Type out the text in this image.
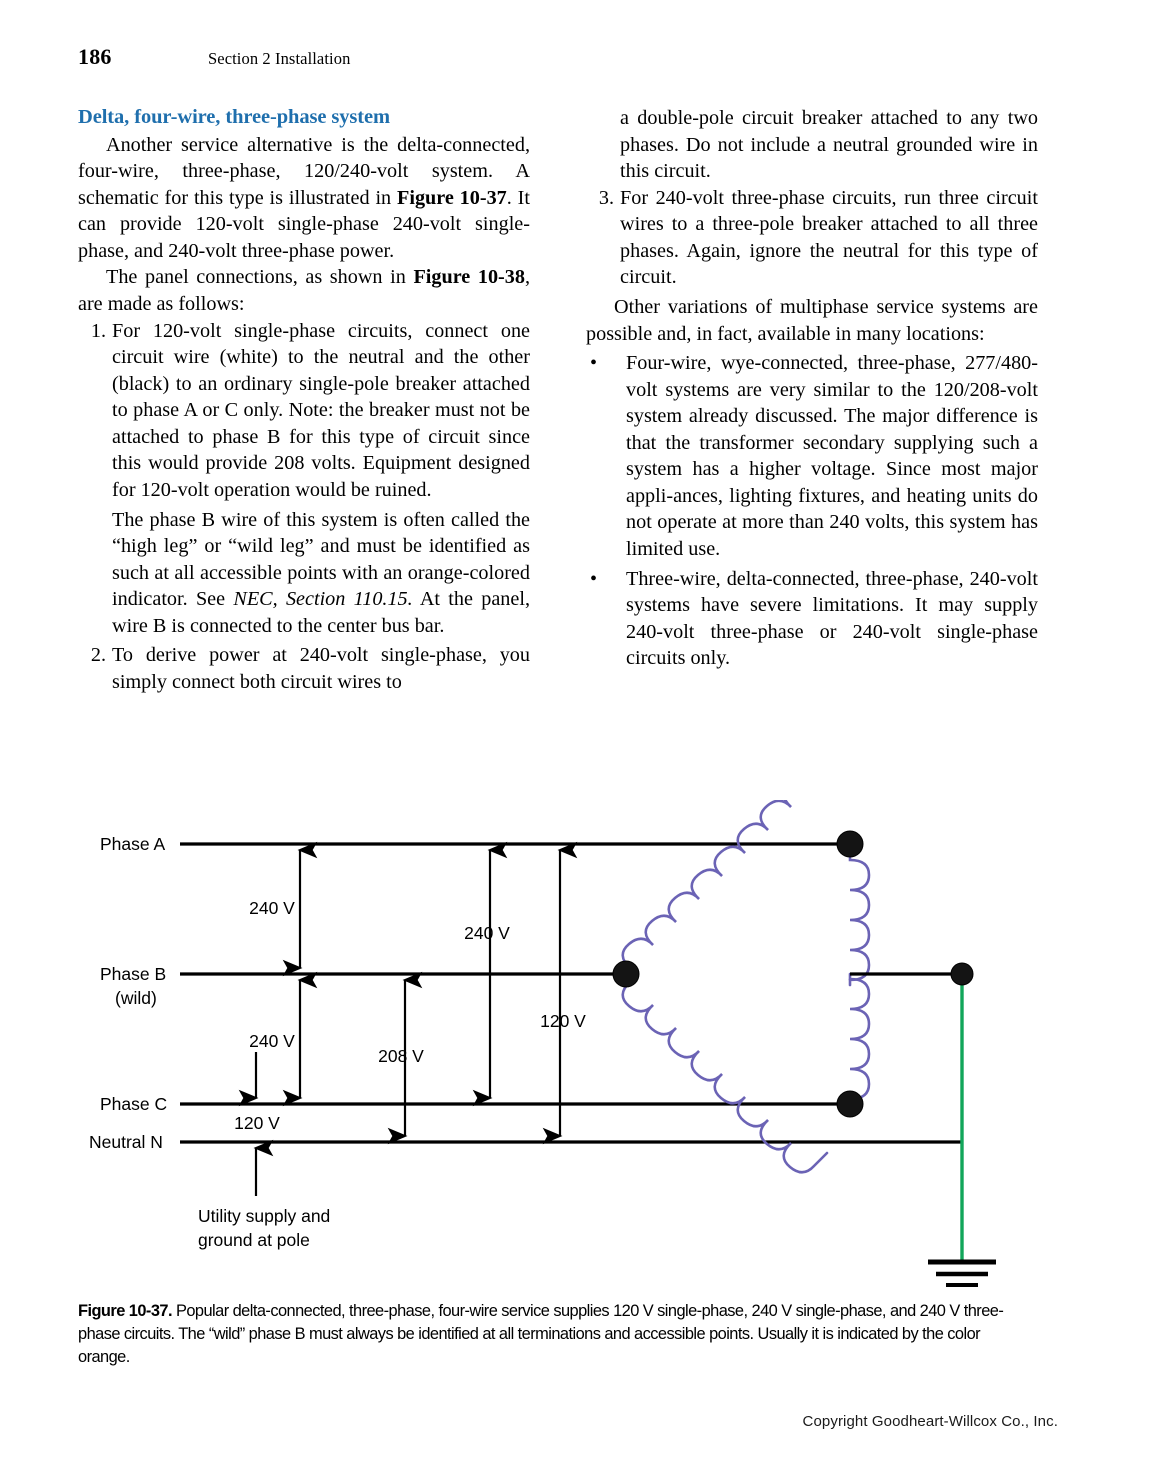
186	Section 2 Installation
Delta, four-wire, three-phase system

Another service alternative is the delta-connected, four-wire, three-phase, 120/240-volt system. A schematic for this type is illustrated in Figure 10-37. It can provide 120-volt single-phase 240-volt single-phase, and 240-volt three-phase power.

The panel connections, as shown in Figure 10-38, are made as follows:

1. For 120-volt single-phase circuits, connect one circuit wire (white) to the neutral and the other (black) to an ordinary single-pole breaker attached to phase A or C only. Note: the breaker must not be attached to phase B for this type of circuit since this would provide 208 volts. Equipment designed for 120-volt operation would be ruined.

The phase B wire of this system is often called the “high leg” or “wild leg” and must be identified as such at all accessible points with an orange-colored indicator. See NEC, Section 110.15. At the panel, wire B is connected to the center bus bar.

2. To derive power at 240-volt single-phase, you simply connect both circuit wires to

a double-pole circuit breaker attached to any two phases. Do not include a neutral grounded wire in this circuit.

3. For 240-volt three-phase circuits, run three circuit wires to a three-pole breaker attached to all three phases. Again, ignore the neutral for this type of circuit.

Other variations of multiphase service systems are possible and, in fact, available in many locations:

•	Four-wire, wye-connected, three-phase, 277/480-volt systems are very similar to the 120/208-volt system already discussed. The major difference is that the transformer secondary supplying such a system has a higher voltage. Since most major appli-ances, lighting fixtures, and heating units do not operate at more than 240 volts, this system has limited use.

•	Three-wire, delta-connected, three-phase, 240-volt systems have severe limitations. It may supply 240-volt three-phase or 240-volt single-phase circuits only.

Phase A
Phase B
(wild)
Phase C
Neutral N
240 V
240 V
120 V
208 V
240 V
120 V
Utility supply and
ground at pole
Figure 10-37. Popular delta-connected, three-phase, four-wire service supplies 120 V single-phase, 240 V single-phase, and 240 V three-phase circuits. The “wild” phase B must always be identified at all terminations and accessible points. Usually it is indicated by the color orange.
Copyright Goodheart-Willcox Co., Inc.
